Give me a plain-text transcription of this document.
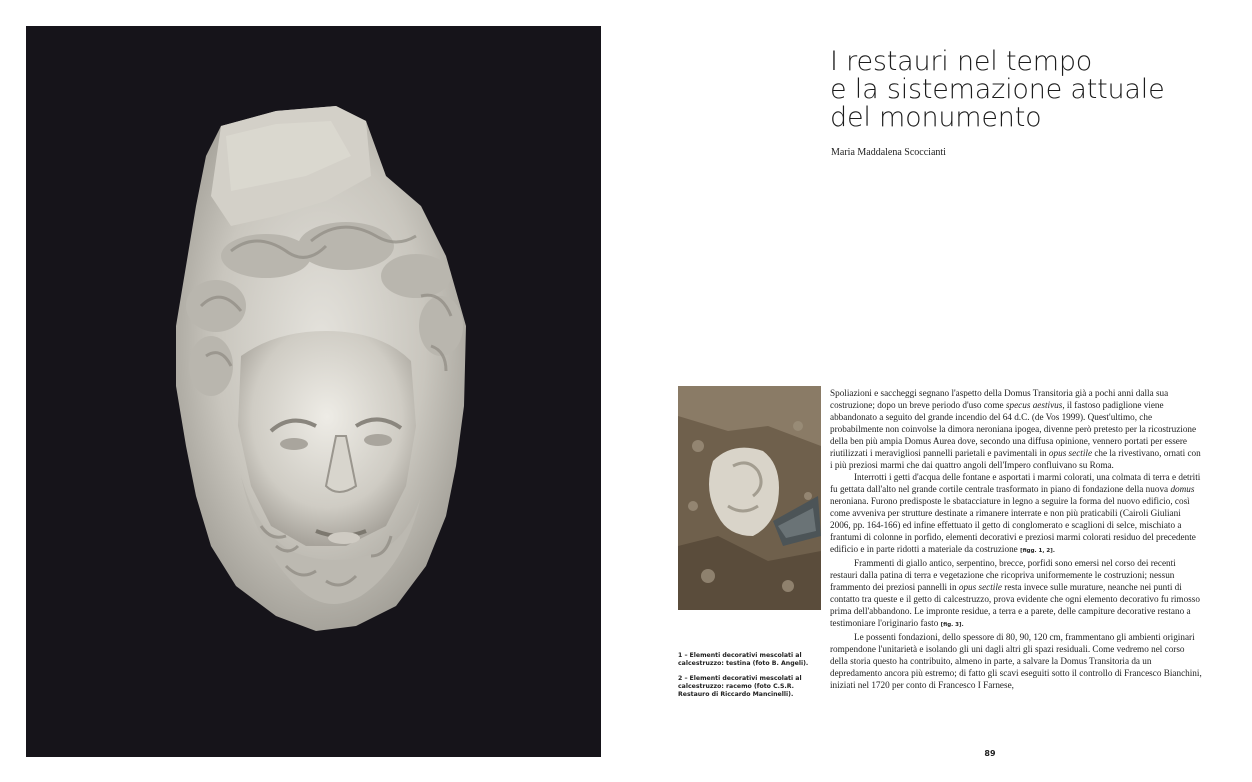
I restauri nel tempo
e la sistemazione attuale
del monumento
Maria Maddalena Scoccianti

1 – Elementi decorativi mescolati al calcestruzzo: testina (foto B. Angeli).

2 – Elementi decorativi mescolati al calcestruzzo: racemo (foto C.S.R. Restauro di Riccardo Mancinelli).

Spoliazioni e saccheggi segnano l'aspetto della Domus Transitoria già a pochi anni dalla sua costruzione; dopo un breve periodo d'uso come specus aestivus, il fastoso padiglione viene abbandonato a seguito del grande incendio del 64 d.C. (de Vos 1999). Quest'ultimo, che probabilmente non coinvolse la dimora neroniana ipogea, divenne però pretesto per la ricostruzione della ben più ampia Domus Aurea dove, secondo una diffusa opinione, vennero portati per essere riutilizzati i meravigliosi pannelli parietali e pavimentali in opus sectile che la rivestivano, ornati con i più preziosi marmi che dai quattro angoli dell'Impero confluivano su Roma.

Interrotti i getti d'acqua delle fontane e asportati i marmi colorati, una colmata di terra e detriti fu gettata dall'alto nel grande cortile centrale trasformato in piano di fondazione della nuova domus neroniana. Furono predisposte le sbatacciature in legno a seguire la forma del nuovo edificio, così come avveniva per strutture destinate a rimanere interrate e non più praticabili (Cairoli Giuliani 2006, pp. 164-166) ed infine effettuato il getto di conglomerato e scaglioni di selce, mischiato a frantumi di colonne in porfido, elementi decorativi e preziosi marmi colorati residuo del precedente edificio e in parte ridotti a materiale da costruzione [figg. 1, 2].

Frammenti di giallo antico, serpentino, brecce, porfidi sono emersi nel corso dei recenti restauri dalla patina di terra e vegetazione che ricopriva uniformemente le costruzioni; nessun frammento dei preziosi pannelli in opus sectile resta invece sulle murature, neanche nei punti di contatto tra queste e il getto di calcestruzzo, prova evidente che ogni elemento decorativo fu rimosso prima dell'abbandono. Le impronte residue, a terra e a parete, delle campiture decorative restano a testimoniare l'originario fasto [fig. 3].

Le possenti fondazioni, dello spessore di 80, 90, 120 cm, frammentano gli ambienti originari rompendone l'unitarietà e isolando gli uni dagli altri gli spazi residuali. Come vedremo nel corso della storia questo ha contribuito, almeno in parte, a salvare la Domus Transitoria da un depredamento ancora più estremo; di fatto gli scavi eseguiti sotto il controllo di Francesco Bianchini, iniziati nel 1720 per conto di Francesco I Farnese,

89
